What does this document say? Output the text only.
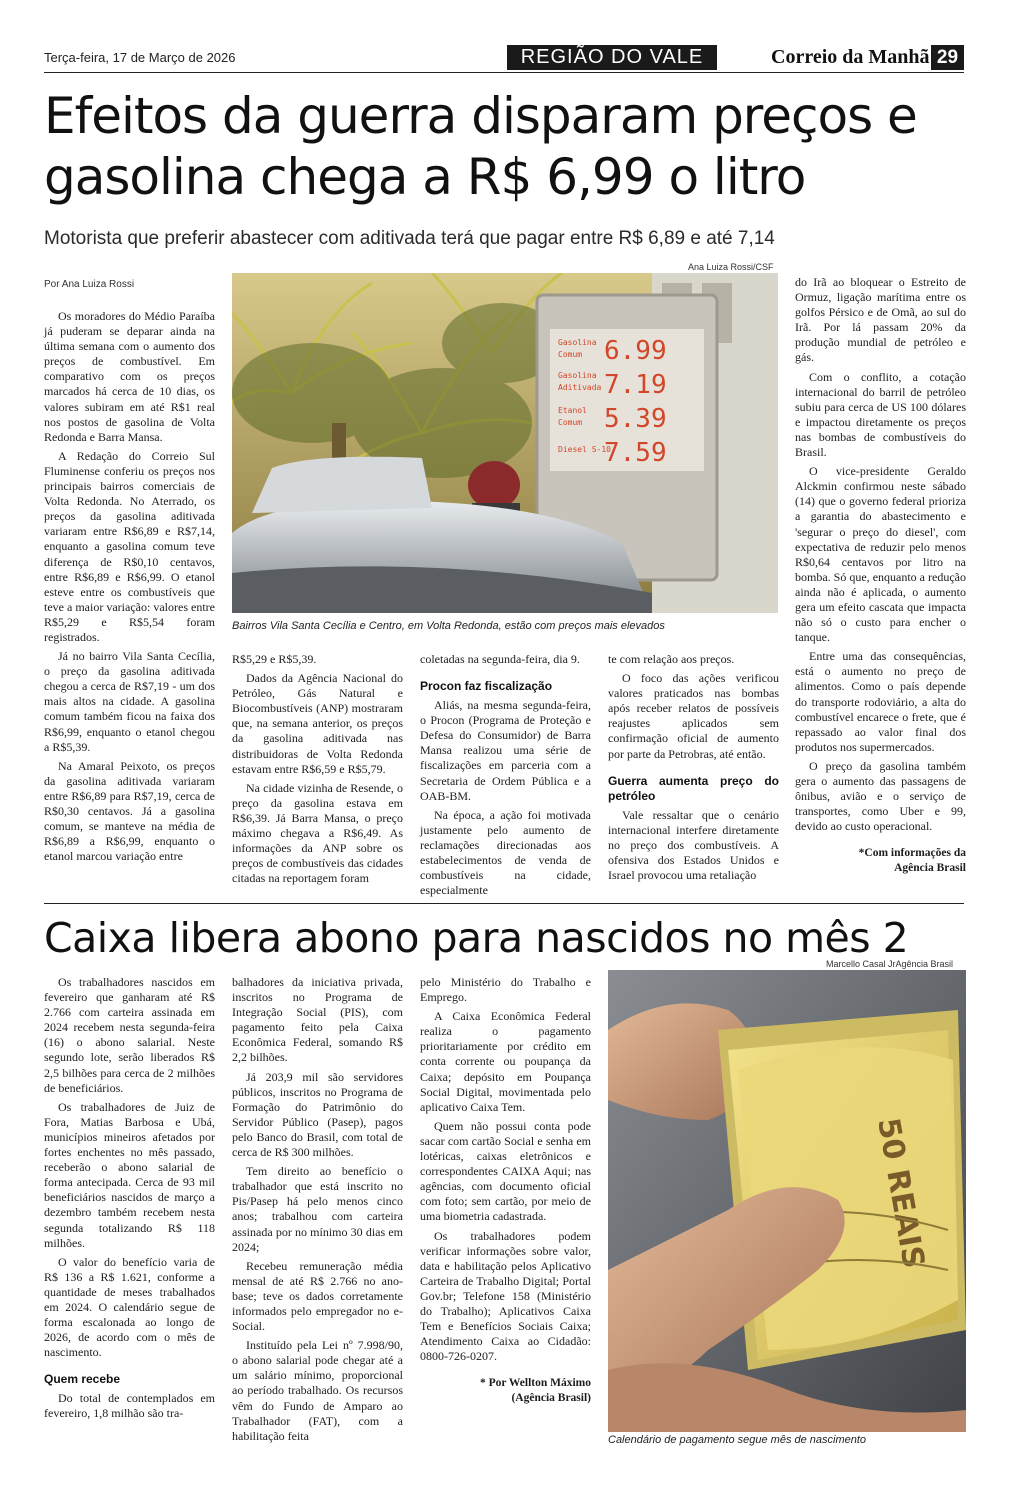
Terça-feira, 17 de Março de 2026	REGIÃO DO VALE	Correio da Manhã 29
Efeitos da guerra disparam preços e gasolina chega a R$ 6,99 o litro
Motorista que preferir abastecer com aditivada terá que pagar entre R$ 6,89 e até 7,14
Por Ana Luiza Rossi

Os moradores do Médio Paraíba já puderam se deparar ainda na última semana com o aumento dos preços de combustível. Em comparativo com os preços marcados há cerca de 10 dias, os valores subiram em até R$1 real nos postos de gasolina de Volta Redonda e Barra Mansa.

A Redação do Correio Sul Fluminense conferiu os preços nos principais bairros comerciais de Volta Redonda. No Aterrado, os preços da gasolina aditivada variaram entre R$6,89 e R$7,14, enquanto a gasolina comum teve diferença de R$0,10 centavos, entre R$6,89 e R$6,99. O etanol esteve entre os combustíveis que teve a maior variação: valores entre R$5,29 e R$5,54 foram registrados.

Já no bairro Vila Santa Cecília, o preço da gasolina aditivada chegou a cerca de R$7,19 - um dos mais altos na cidade. A gasolina comum também ficou na faixa dos R$6,99, enquanto o etanol chegou a R$5,39.

Na Amaral Peixoto, os preços da gasolina aditivada variaram entre R$6,89 para R$7,19, cerca de R$0,30 centavos. Já a gasolina comum, se manteve na média de R$6,89 a R$6,99, enquanto o etanol marcou variação entre

Ana Luiza Rossi/CSF
Gasolina
Comum 6.99
Gasolina
Aditivada 7.19
Etanol
Comum 5.39
Diesel S-10
7.59
Bairros Vila Santa Cecília e Centro, em Volta Redonda, estão com preços mais elevados

R$5,29 e R$5,39.

Dados da Agência Nacional do Petróleo, Gás Natural e Biocombustíveis (ANP) mostraram que, na semana anterior, os preços da gasolina aditivada nas distribuidoras de Volta Redonda estavam entre R$6,59 e R$5,79.

Na cidade vizinha de Resende, o preço da gasolina estava em R$6,39. Já Barra Mansa, o preço máximo chegava a R$6,49. As informações da ANP sobre os preços de combustíveis das cidades citadas na reportagem foram

coletadas na segunda-feira, dia 9.

Procon faz fiscalização

Aliás, na mesma segunda-feira, o Procon (Programa de Proteção e Defesa do Consumidor) de Barra Mansa realizou uma série de fiscalizações em parceria com a Secretaria de Ordem Pública e a OAB-BM.

Na época, a ação foi motivada justamente pelo aumento de reclamações direcionadas aos estabelecimentos de venda de combustíveis na cidade, especialmente

te com relação aos preços.

O foco das ações verificou valores praticados nas bombas após receber relatos de possíveis reajustes aplicados sem confirmação oficial de aumento por parte da Petrobras, até então.

Guerra aumenta preço do petróleo

Vale ressaltar que o cenário internacional interfere diretamente no preço dos combustíveis. A ofensiva dos Estados Unidos e Israel provocou uma retaliação

do Irã ao bloquear o Estreito de Ormuz, ligação marítima entre os golfos Pérsico e de Omã, ao sul do Irã. Por lá passam 20% da produção mundial de petróleo e gás.

Com o conflito, a cotação internacional do barril de petróleo subiu para cerca de US 100 dólares e impactou diretamente os preços nas bombas de combustíveis do Brasil.

O vice-presidente Geraldo Alckmin confirmou neste sábado (14) que o governo federal prioriza a garantia do abastecimento e 'segurar o preço do diesel', com expectativa de reduzir pelo menos R$0,64 centavos por litro na bomba. Só que, enquanto a redução ainda não é aplicada, o aumento gera um efeito cascata que impacta não só o custo para encher o tanque.

Entre uma das consequências, está o aumento no preço de alimentos. Como o país depende do transporte rodoviário, a alta do combustível encarece o frete, que é repassado ao valor final dos produtos nos supermercados.

O preço da gasolina também gera o aumento das passagens de ônibus, avião e o serviço de transportes, como Uber e 99, devido ao custo operacional.

*Com informações da
Agência Brasil
Caixa libera abono para nascidos no mês 2

Os trabalhadores nascidos em fevereiro que ganharam até R$ 2.766 com carteira assinada em 2024 recebem nesta segunda-feira (16) o abono salarial. Neste segundo lote, serão liberados R$ 2,5 bilhões para cerca de 2 milhões de beneficiários.

Os trabalhadores de Juiz de Fora, Matias Barbosa e Ubá, municípios mineiros afetados por fortes enchentes no mês passado, receberão o abono salarial de forma antecipada. Cerca de 93 mil beneficiários nascidos de março a dezembro também recebem nesta segunda totalizando R$ 118 milhões.

O valor do benefício varia de R$ 136 a R$ 1.621, conforme a quantidade de meses trabalhados em 2024. O calendário segue de forma escalonada ao longo de 2026, de acordo com o mês de nascimento.

Quem recebe

Do total de contemplados em fevereiro, 1,8 milhão são tra-

balhadores da iniciativa privada, inscritos no Programa de Integração Social (PIS), com pagamento feito pela Caixa Econômica Federal, somando R$ 2,2 bilhões.

Já 203,9 mil são servidores públicos, inscritos no Programa de Formação do Patrimônio do Servidor Público (Pasep), pagos pelo Banco do Brasil, com total de cerca de R$ 300 milhões.

Tem direito ao benefício o trabalhador que está inscrito no Pis/Pasep há pelo menos cinco anos; trabalhou com carteira assinada por no mínimo 30 dias em 2024;

Recebeu remuneração média mensal de até R$ 2.766 no ano-base; teve os dados corretamente informados pelo empregador no e-Social.

Instituído pela Lei nº 7.998/90, o abono salarial pode chegar até a um salário mínimo, proporcional ao período trabalhado. Os recursos vêm do Fundo de Amparo ao Trabalhador (FAT), com a habilitação feita

pelo Ministério do Trabalho e Emprego.

A Caixa Econômica Federal realiza o pagamento prioritariamente por crédito em conta corrente ou poupança da Caixa; depósito em Poupança Social Digital, movimentada pelo aplicativo Caixa Tem.

Quem não possui conta pode sacar com cartão Social e senha em lotéricas, caixas eletrônicos e correspondentes CAIXA Aqui; nas agências, com documento oficial com foto; sem cartão, por meio de uma biometria cadastrada.

Os trabalhadores podem verificar informações sobre valor, data e habilitação pelos Aplicativo Carteira de Trabalho Digital; Portal Gov.br; Telefone 158 (Ministério do Trabalho); Aplicativos Caixa Tem e Benefícios Sociais Caixa; Atendimento Caixa ao Cidadão: 0800-726-0207.

* Por Wellton Máximo
(Agência Brasil)
Marcello Casal JrAgência Brasil
50 REAIS
Calendário de pagamento segue mês de nascimento
